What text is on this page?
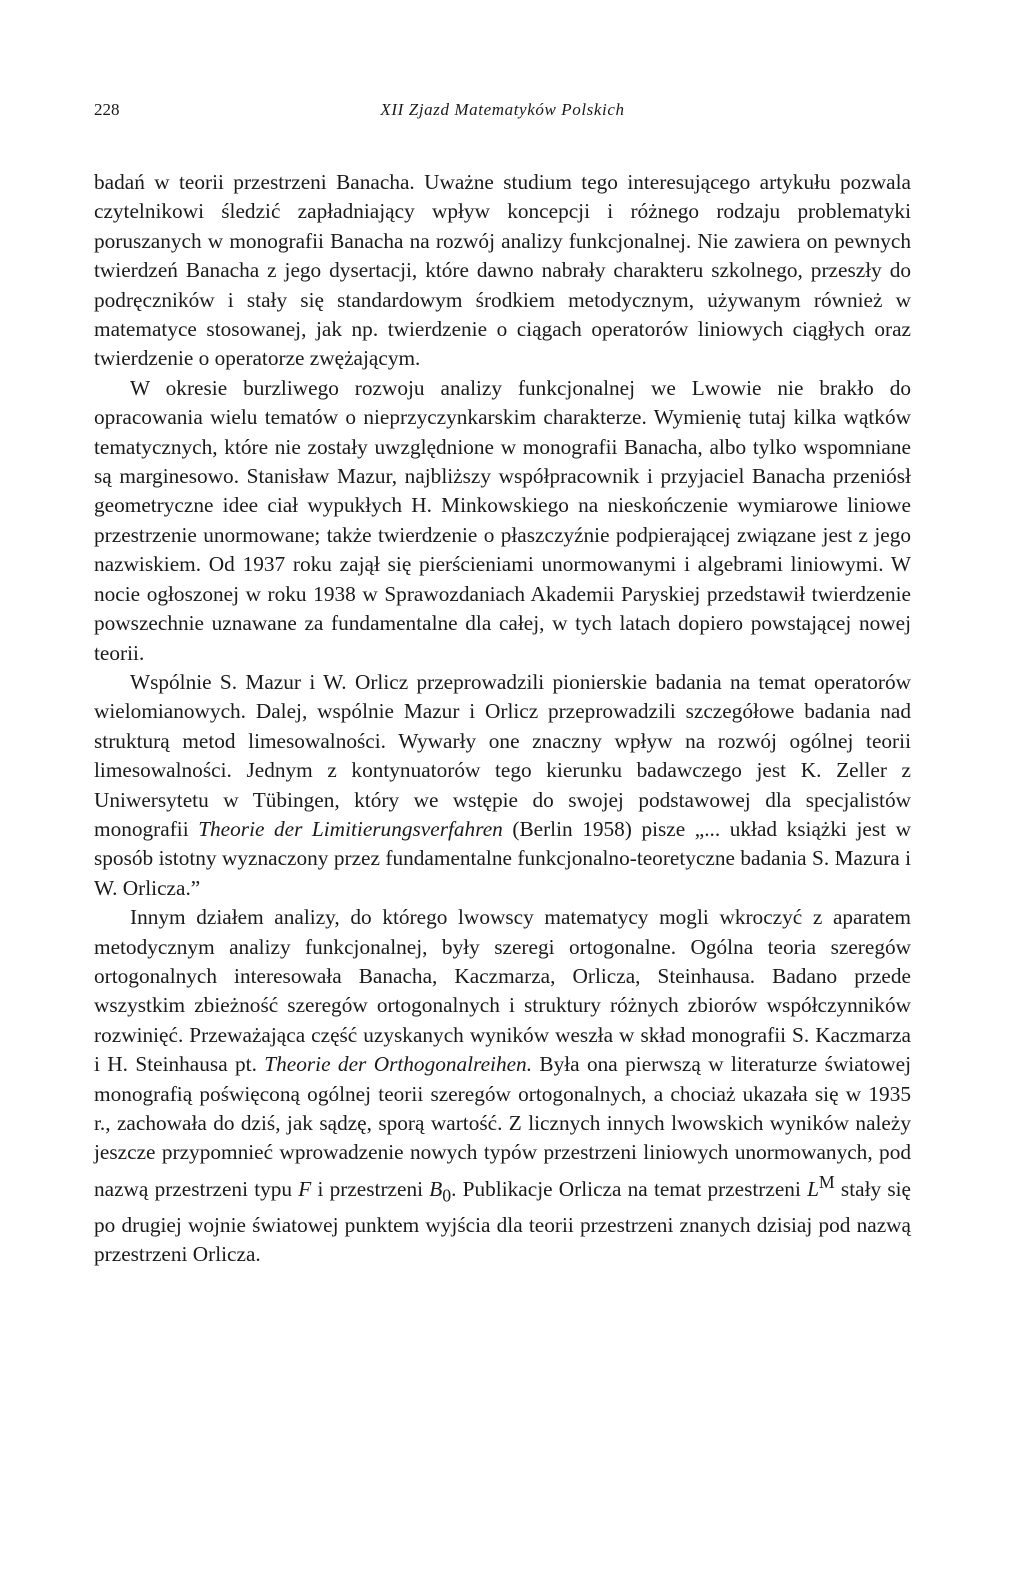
228	XII Zjazd Matematyków Polskich

badań w teorii przestrzeni Banacha. Uważne studium tego interesującego artykułu pozwala czytelnikowi śledzić zapładniający wpływ koncepcji i różnego rodzaju problematyki poruszanych w monografii Banacha na rozwój analizy funkcjonalnej. Nie zawiera on pewnych twierdzeń Banacha z jego dysertacji, które dawno nabrały charakteru szkolnego, przeszły do podręczników i stały się standardowym środkiem metodycznym, używanym również w matematyce stosowanej, jak np. twierdzenie o ciągach operatorów liniowych ciągłych oraz twierdzenie o operatorze zwężającym.

W okresie burzliwego rozwoju analizy funkcjonalnej we Lwowie nie brakło do opracowania wielu tematów o nieprzyczynkarskim charakterze. Wymienię tutaj kilka wątków tematycznych, które nie zostały uwzględnione w monografii Banacha, albo tylko wspomniane są marginesowo. Stanisław Mazur, najbliższy współpracownik i przyjaciel Banacha przeniósł geometryczne idee ciał wypukłych H. Minkowskiego na nieskończenie wymiarowe liniowe przestrzenie unormowane; także twierdzenie o płaszczyźnie podpierającej związane jest z jego nazwiskiem. Od 1937 roku zajął się pierścieniami unormowanymi i algebrami liniowymi. W nocie ogłoszonej w roku 1938 w Sprawozdaniach Akademii Paryskiej przedstawił twierdzenie powszechnie uznawane za fundamentalne dla całej, w tych latach dopiero powstającej nowej teorii.

Wspólnie S. Mazur i W. Orlicz przeprowadzili pionierskie badania na temat operatorów wielomianowych. Dalej, wspólnie Mazur i Orlicz przeprowadzili szczegółowe badania nad strukturą metod limesowalności. Wywarły one znaczny wpływ na rozwój ogólnej teorii limesowalności. Jednym z kontynuatorów tego kierunku badawczego jest K. Zeller z Uniwersytetu w Tübingen, który we wstępie do swojej podstawowej dla specjalistów monografii Theorie der Limitierungsverfahren (Berlin 1958) pisze „... układ książki jest w sposób istotny wyznaczony przez fundamentalne funkcjonalno-teoretyczne badania S. Mazura i W. Orlicza.”

Innym działem analizy, do którego lwowscy matematycy mogli wkroczyć z aparatem metodycznym analizy funkcjonalnej, były szeregi ortogonalne. Ogólna teoria szeregów ortogonalnych interesowała Banacha, Kaczmarza, Orlicza, Steinhausa. Badano przede wszystkim zbieżność szeregów ortogonalnych i struktury różnych zbiorów współczynników rozwinięć. Przeważająca część uzyskanych wyników weszła w skład monografii S. Kaczmarza i H. Steinhausa pt. Theorie der Orthogonalreihen. Była ona pierwszą w literaturze światowej monografią poświęconą ogólnej teorii szeregów ortogonalnych, a chociaż ukazała się w 1935 r., zachowała do dziś, jak sądzę, sporą wartość. Z licznych innych lwowskich wyników należy jeszcze przypomnieć wprowadzenie nowych typów przestrzeni liniowych unormowanych, pod nazwą przestrzeni typu F i przestrzeni $B_0$. Publikacje Orlicza na temat przestrzeni $L^M$ stały się po drugiej wojnie światowej punktem wyjścia dla teorii przestrzeni znanych dzisiaj pod nazwą przestrzeni Orlicza.
